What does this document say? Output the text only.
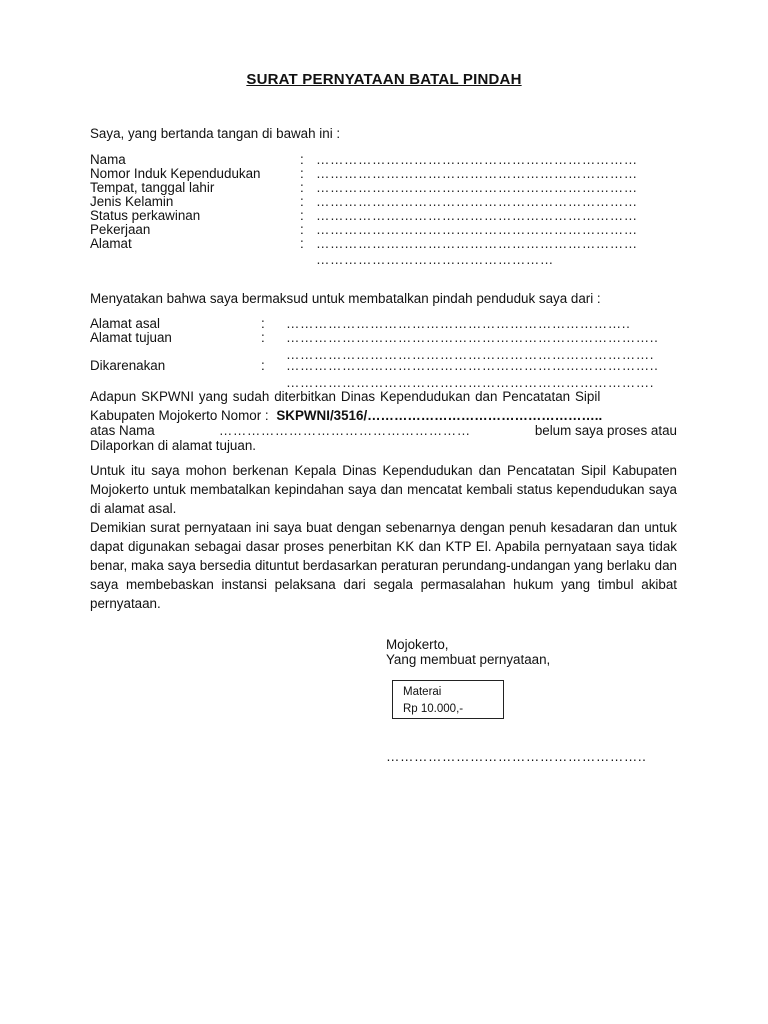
SURAT PERNYATAAN BATAL PINDAH
Saya, yang bertanda tangan di bawah ini :
Nama	: ……………………………………………………………
Nomor Induk Kependudukan	: ……………………………………………………………
Tempat, tanggal lahir	: ……………………………………………………………
Jenis Kelamin	: ……………………………………………………………
Status perkawinan	: ……………………………………………………………
Pekerjaan	: ……………………………………………………………
Alamat	: ……………………………………………………………
……………………………………………
Menyatakan bahwa saya bermaksud untuk membatalkan pindah penduduk saya dari :
Alamat asal	: ………………………………………………………………..
Alamat tujuan	: ……………………………………………………………………..
…………………………………………………………………….
Dikarenakan	: ……………………………………………………………………..
…………………………………………………………………….
Adapun SKPWNI yang sudah diterbitkan Dinas Kependudukan dan Pencatatan Sipil
Kabupaten Mojokerto Nomor : SKPWNI/3516/……………………………………………..
atas Nama	………………………………………………	belum saya proses atau
Dilaporkan di alamat tujuan.
Untuk itu saya mohon berkenan Kepala Dinas Kependudukan dan Pencatatan Sipil Kabupaten Mojokerto untuk membatalkan kepindahan saya dan mencatat kembali status kependudukan saya di alamat asal.
Demikian surat pernyataan ini saya buat dengan sebenarnya dengan penuh kesadaran dan untuk dapat digunakan sebagai dasar proses penerbitan KK dan KTP El. Apabila pernyataan saya tidak benar, maka saya bersedia dituntut berdasarkan peraturan perundang-undangan yang berlaku dan saya membebaskan instansi pelaksana dari segala permasalahan hukum yang timbul akibat pernyataan.
Mojokerto,
Yang membuat pernyataan,
Materai
Rp 10.000,-
………………………………………………..
